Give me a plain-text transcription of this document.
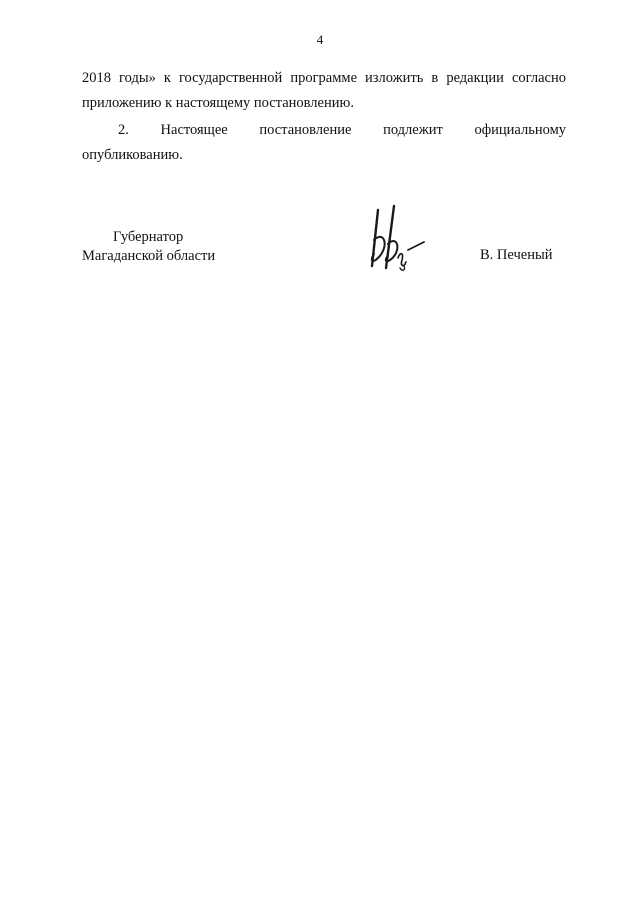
4
2018 годы» к государственной программе изложить в редакции согласно
приложению к настоящему постановлению.
2. Настоящее постановление подлежит официальному
опубликованию.
Губернатор
Магаданской области	В. Печеный
